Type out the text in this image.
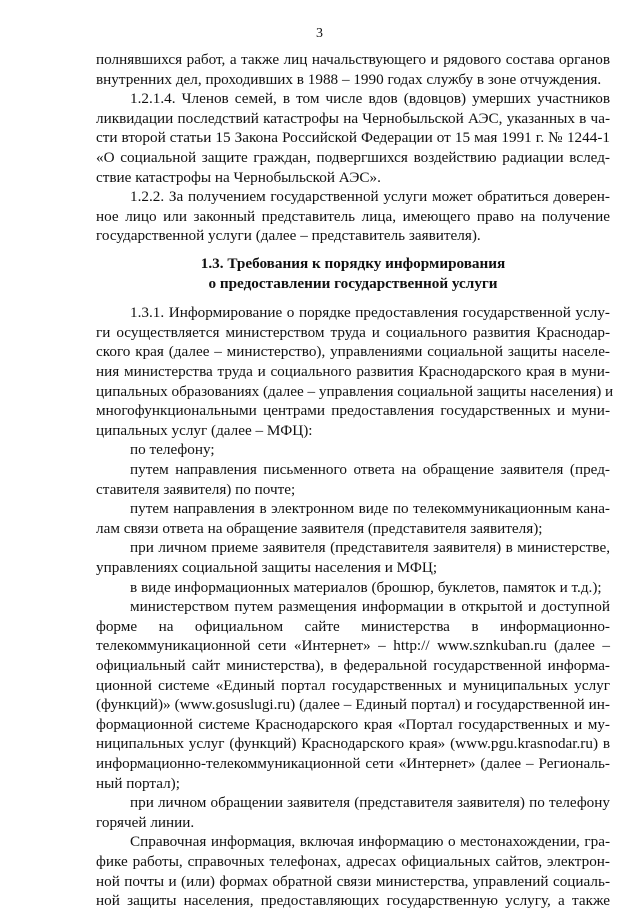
3
полнявшихся работ, а также лиц начальствующего и рядового состава органов
внутренних дел, проходивших в 1988 – 1990 годах службу в зоне отчуждения.
1.2.1.4. Членов семей, в том числе вдов (вдовцов) умерших участников
ликвидации последствий катастрофы на Чернобыльской АЭС, указанных в ча-
сти второй статьи 15 Закона Российской Федерации от 15 мая 1991 г. № 1244-1
«О социальной защите граждан, подвергшихся воздействию радиации вслед-
ствие катастрофы на Чернобыльской АЭС».
1.2.2. За получением государственной услуги может обратиться доверен-
ное лицо или законный представитель лица, имеющего право на получение
государственной услуги (далее – представитель заявителя).
1.3. Требования к порядку информирования
о предоставлении государственной услуги
1.3.1. Информирование о порядке предоставления государственной услу-
ги осуществляется министерством труда и социального развития Краснодар-
ского края (далее – министерство), управлениями социальной защиты населе-
ния министерства труда и социального развития Краснодарского края в муни-
ципальных образованиях (далее – управления социальной защиты населения) и
многофункциональными центрами предоставления государственных и муни-
ципальных услуг (далее – МФЦ):
по телефону;
путем направления письменного ответа на обращение заявителя (пред-
ставителя заявителя) по почте;
путем направления в электронном виде по телекоммуникационным кана-
лам связи ответа на обращение заявителя (представителя заявителя);
при личном приеме заявителя (представителя заявителя) в министерстве,
управлениях социальной защиты населения и МФЦ;
в виде информационных материалов (брошюр, буклетов, памяток и т.д.);
министерством путем размещения информации в открытой и доступной
форме на официальном сайте министерства в информационно-
телекоммуникационной сети «Интернет» – http:// www.sznkuban.ru (далее –
официальный сайт министерства), в федеральной государственной информа-
ционной системе «Единый портал государственных и муниципальных услуг
(функций)» (www.gosuslugi.ru) (далее – Единый портал) и государственной ин-
формационной системе Краснодарского края «Портал государственных и му-
ниципальных услуг (функций) Краснодарского края» (www.pgu.krasnodar.ru) в
информационно-телекоммуникационной сети «Интернет» (далее – Региональ-
ный портал);
при личном обращении заявителя (представителя заявителя) по телефону
горячей линии.
Справочная информация, включая информацию о местонахождении, гра-
фике работы, справочных телефонах, адресах официальных сайтов, электрон-
ной почты и (или) формах обратной связи министерства, управлений социаль-
ной защиты населения, предоставляющих государственную услугу, а также
